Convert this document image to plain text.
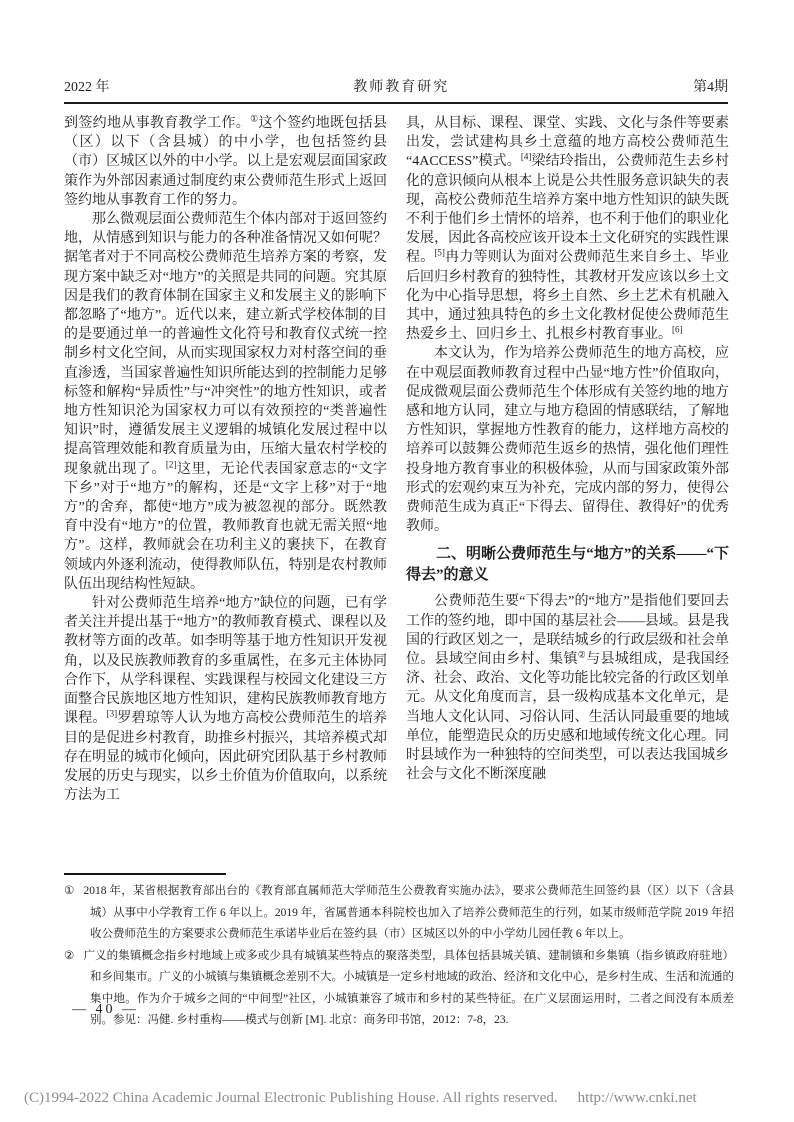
2022 年	教师教育研究	第4期

到签约地从事教育教学工作。①这个签约地既包括县（区）以下（含县城）的中小学，也包括签约县（市）区城区以外的中小学。以上是宏观层面国家政策作为外部因素通过制度约束公费师范生形式上返回签约地从事教育工作的努力。

那么微观层面公费师范生个体内部对于返回签约地，从情感到知识与能力的各种准备情况又如何呢？据笔者对于不同高校公费师范生培养方案的考察，发现方案中缺乏对“地方”的关照是共同的问题。究其原因是我们的教育体制在国家主义和发展主义的影响下都忽略了“地方”。近代以来，建立新式学校体制的目的是要通过单一的普遍性文化符号和教育仪式统一控制乡村文化空间，从而实现国家权力对村落空间的垂直渗透，当国家普遍性知识所能达到的控制能力足够标签和解构“异质性”与“冲突性”的地方性知识，或者地方性知识沦为国家权力可以有效预控的“类普遍性知识”时，遵循发展主义逻辑的城镇化发展过程中以提高管理效能和教育质量为由，压缩大量农村学校的现象就出现了。[2]这里，无论代表国家意志的“文字下乡”对于“地方”的解构，还是“文字上移”对于“地方”的舍弃，都使“地方”成为被忽视的部分。既然教育中没有“地方”的位置，教师教育也就无需关照“地方”。这样，教师就会在功利主义的裹挟下，在教育领域内外逐利流动，使得教师队伍，特别是农村教师队伍出现结构性短缺。

针对公费师范生培养“地方”缺位的问题，已有学者关注并提出基于“地方”的教师教育模式、课程以及教材等方面的改革。如李明等基于地方性知识开发视角，以及民族教师教育的多重属性，在多元主体协同合作下，从学科课程、实践课程与校园文化建设三方面整合民族地区地方性知识，建构民族教师教育地方课程。[3]罗碧琼等人认为地方高校公费师范生的培养目的是促进乡村教育，助推乡村振兴，其培养模式却存在明显的城市化倾向，因此研究团队基于乡村教师发展的历史与现实，以乡土价值为价值取向，以系统方法为工

具，从目标、课程、课堂、实践、文化与条件等要素出发，尝试建构具乡土意蕴的地方高校公费师范生“4ACCESS”模式。[4]梁结玲指出，公费师范生去乡村化的意识倾向从根本上说是公共性服务意识缺失的表现，高校公费师范生培养方案中地方性知识的缺失既不利于他们乡土情怀的培养，也不利于他们的职业化发展，因此各高校应该开设本土文化研究的实践性课程。[5]冉力等则认为面对公费师范生来自乡土、毕业后回归乡村教育的独特性，其教材开发应该以乡土文化为中心指导思想，将乡土自然、乡土艺术有机融入其中，通过独具特色的乡土文化教材促使公费师范生热爱乡土、回归乡土、扎根乡村教育事业。[6]

本文认为，作为培养公费师范生的地方高校，应在中观层面教师教育过程中凸显“地方性”价值取向，促成微观层面公费师范生个体形成有关签约地的地方感和地方认同，建立与地方稳固的情感联结，了解地方性知识，掌握地方性教育的能力，这样地方高校的培养可以鼓舞公费师范生返乡的热情，强化他们理性投身地方教育事业的积极体验，从而与国家政策外部形式的宏观约束互为补充，完成内部的努力，使得公费师范生成为真正“下得去、留得住、教得好”的优秀教师。

二、明晰公费师范生与“地方”的关系——“下得去”的意义

公费师范生要“下得去”的“地方”是指他们要回去工作的签约地，即中国的基层社会——县域。县是我国的行政区划之一，是联结城乡的行政层级和社会单位。县域空间由乡村、集镇②与县城组成，是我国经济、社会、政治、文化等功能比较完备的行政区划单元。从文化角度而言，县一级构成基本文化单元，是当地人文化认同、习俗认同、生活认同最重要的地域单位，能塑造民众的历史感和地域传统文化心理。同时县域作为一种独特的空间类型，可以表达我国城乡社会与文化不断深度融

① 2018 年，某省根据教育部出台的《教育部直属师范大学师范生公费教育实施办法》，要求公费师范生回签约县（区）以下（含县城）从事中小学教育工作 6 年以上。2019 年，省属普通本科院校也加入了培养公费师范生的行列，如某市级师范学院 2019 年招收公费师范生的方案要求公费师范生承诺毕业后在签约县（市）区城区以外的中小学幼儿园任教 6 年以上。

② 广义的集镇概念指乡村地域上或多或少具有城镇某些特点的聚落类型，具体包括县城关镇、建制镇和乡集镇（指乡镇政府驻地）和乡间集市。广义的小城镇与集镇概念差别不大。小城镇是一定乡村地域的政治、经济和文化中心，是乡村生成、生活和流通的集中地。作为介于城乡之间的“中间型”社区，小城镇兼容了城市和乡村的某些特征。在广义层面运用时，二者之间没有本质差别。参见：冯健. 乡村重构——模式与创新 [M]. 北京：商务印书馆，2012：7-8，23.

— 40 —
(C)1994-2022 China Academic Journal Electronic Publishing House. All rights reserved. http://www.cnki.net
